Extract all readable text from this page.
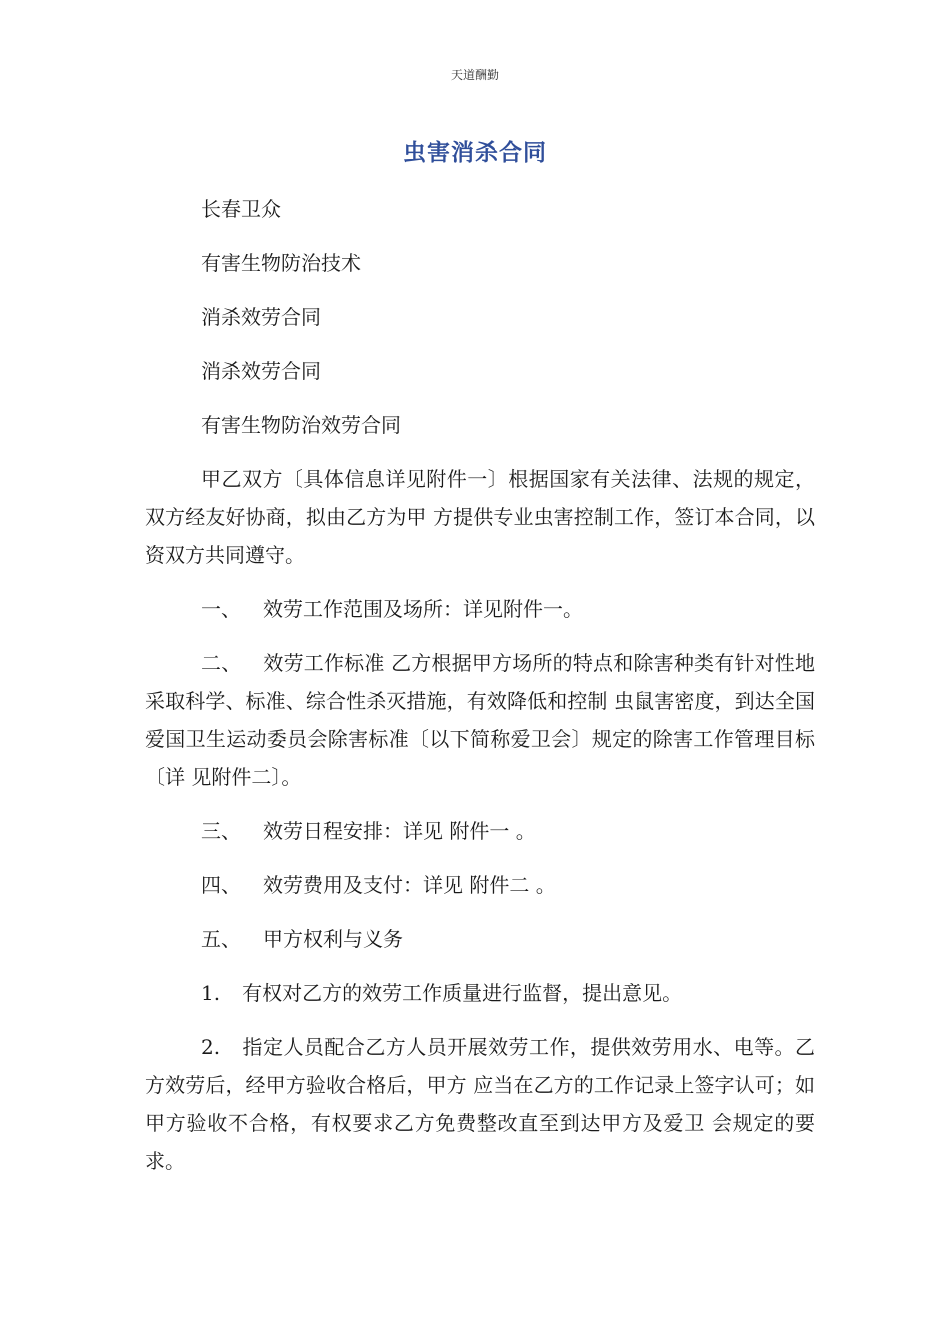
天道酬勤
虫害消杀合同
长春卫众
有害生物防治技术
消杀效劳合同
消杀效劳合同
有害生物防治效劳合同
甲乙双方〔具体信息详见附件一〕根据国家有关法律、法规的规定，双方经友好协商，拟由乙方为甲 方提供专业虫害控制工作，签订本合同，以资双方共同遵守。
一、 效劳工作范围及场所：详见附件一。
二、 效劳工作标准 乙方根据甲方场所的特点和除害种类有针对性地采取科学、标准、综合性杀灭措施，有效降低和控制 虫鼠害密度，到达全国爱国卫生运动委员会除害标准〔以下简称爱卫会〕规定的除害工作管理目标〔详 见附件二〕。
三、 效劳日程安排：详见 附件一 。
四、 效劳费用及支付：详见 附件二 。
五、 甲方权利与义务
1. 有权对乙方的效劳工作质量进行监督，提出意见。
2. 指定人员配合乙方人员开展效劳工作，提供效劳用水、电等。乙方效劳后，经甲方验收合格后，甲方 应当在乙方的工作记录上签字认可；如甲方验收不合格，有权要求乙方免费整改直至到达甲方及爱卫 会规定的要求。
